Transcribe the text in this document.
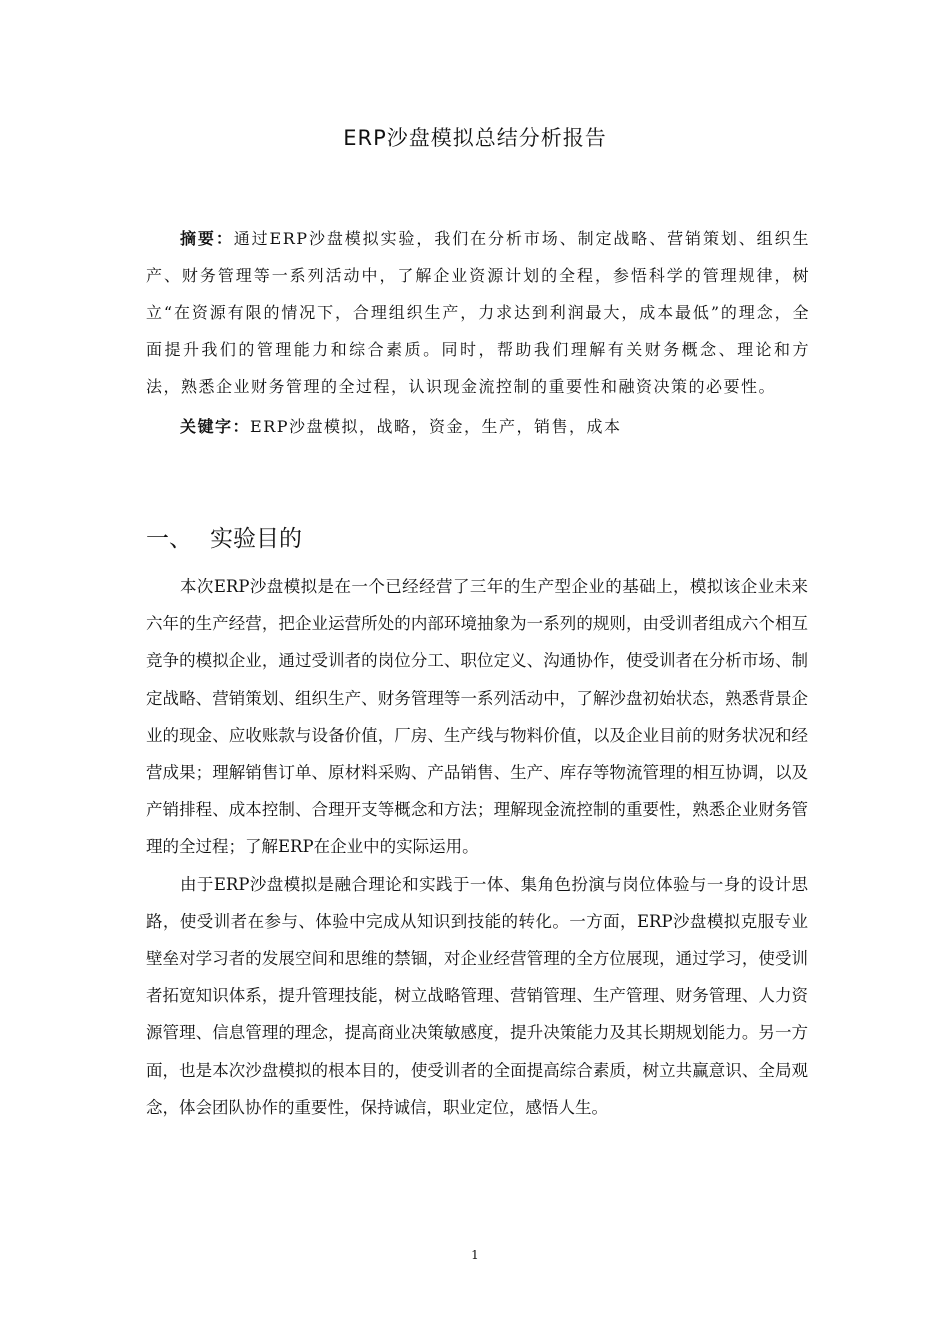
ERP沙盘模拟总结分析报告

摘要：通过ERP沙盘模拟实验，我们在分析市场、制定战略、营销策划、组织生产、财务管理等一系列活动中，了解企业资源计划的全程，参悟科学的管理规律，树立“在资源有限的情况下，合理组织生产，力求达到利润最大，成本最低”的理念，全面提升我们的管理能力和综合素质。同时，帮助我们理解有关财务概念、理论和方法，熟悉企业财务管理的全过程，认识现金流控制的重要性和融资决策的必要性。

关键字：ERP沙盘模拟，战略，资金，生产，销售，成本

一、 实验目的

本次ERP沙盘模拟是在一个已经经营了三年的生产型企业的基础上，模拟该企业未来六年的生产经营，把企业运营所处的内部环境抽象为一系列的规则，由受训者组成六个相互竞争的模拟企业，通过受训者的岗位分工、职位定义、沟通协作，使受训者在分析市场、制定战略、营销策划、组织生产、财务管理等一系列活动中，了解沙盘初始状态，熟悉背景企业的现金、应收账款与设备价值，厂房、生产线与物料价值，以及企业目前的财务状况和经营成果；理解销售订单、原材料采购、产品销售、生产、库存等物流管理的相互协调，以及产销排程、成本控制、合理开支等概念和方法；理解现金流控制的重要性，熟悉企业财务管理的全过程；了解ERP在企业中的实际运用。

由于ERP沙盘模拟是融合理论和实践于一体、集角色扮演与岗位体验与一身的设计思路，使受训者在参与、体验中完成从知识到技能的转化。一方面，ERP沙盘模拟克服专业壁垒对学习者的发展空间和思维的禁锢，对企业经营管理的全方位展现，通过学习，使受训者拓宽知识体系，提升管理技能，树立战略管理、营销管理、生产管理、财务管理、人力资源管理、信息管理的理念，提高商业决策敏感度，提升决策能力及其长期规划能力。另一方面，也是本次沙盘模拟的根本目的，使受训者的全面提高综合素质，树立共赢意识、全局观念，体会团队协作的重要性，保持诚信，职业定位，感悟人生。

1
